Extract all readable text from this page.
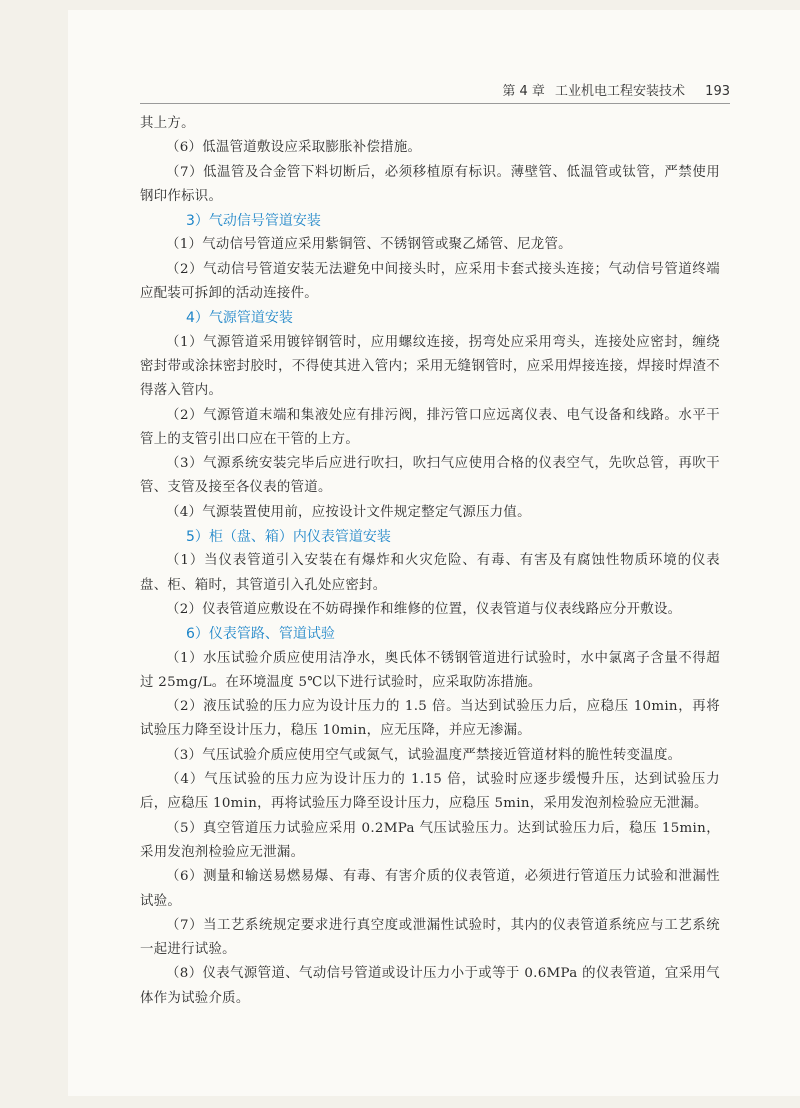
第 4 章 工业机电工程安装技术 193

其上方。

（6）低温管道敷设应采取膨胀补偿措施。

（7）低温管及合金管下料切断后，必须移植原有标识。薄壁管、低温管或钛管，严禁使用钢印作标识。

3）气动信号管道安装

（1）气动信号管道应采用紫铜管、不锈钢管或聚乙烯管、尼龙管。

（2）气动信号管道安装无法避免中间接头时，应采用卡套式接头连接；气动信号管道终端应配装可拆卸的活动连接件。

4）气源管道安装

（1）气源管道采用镀锌钢管时，应用螺纹连接，拐弯处应采用弯头，连接处应密封，缠绕密封带或涂抹密封胶时，不得使其进入管内；采用无缝钢管时，应采用焊接连接，焊接时焊渣不得落入管内。

（2）气源管道末端和集液处应有排污阀，排污管口应远离仪表、电气设备和线路。水平干管上的支管引出口应在干管的上方。

（3）气源系统安装完毕后应进行吹扫，吹扫气应使用合格的仪表空气，先吹总管，再吹干管、支管及接至各仪表的管道。

（4）气源装置使用前，应按设计文件规定整定气源压力值。

5）柜（盘、箱）内仪表管道安装

（1）当仪表管道引入安装在有爆炸和火灾危险、有毒、有害及有腐蚀性物质环境的仪表盘、柜、箱时，其管道引入孔处应密封。

（2）仪表管道应敷设在不妨碍操作和维修的位置，仪表管道与仪表线路应分开敷设。

6）仪表管路、管道试验

（1）水压试验介质应使用洁净水，奥氏体不锈钢管道进行试验时，水中氯离子含量不得超过 25mg/L。在环境温度 5℃以下进行试验时，应采取防冻措施。

（2）液压试验的压力应为设计压力的 1.5 倍。当达到试验压力后，应稳压 10min，再将试验压力降至设计压力，稳压 10min，应无压降，并应无渗漏。

（3）气压试验介质应使用空气或氮气，试验温度严禁接近管道材料的脆性转变温度。

（4）气压试验的压力应为设计压力的 1.15 倍，试验时应逐步缓慢升压，达到试验压力后，应稳压 10min，再将试验压力降至设计压力，应稳压 5min，采用发泡剂检验应无泄漏。

（5）真空管道压力试验应采用 0.2MPa 气压试验压力。达到试验压力后，稳压 15min，采用发泡剂检验应无泄漏。

（6）测量和输送易燃易爆、有毒、有害介质的仪表管道，必须进行管道压力试验和泄漏性试验。

（7）当工艺系统规定要求进行真空度或泄漏性试验时，其内的仪表管道系统应与工艺系统一起进行试验。

（8）仪表气源管道、气动信号管道或设计压力小于或等于 0.6MPa 的仪表管道，宜采用气体作为试验介质。
